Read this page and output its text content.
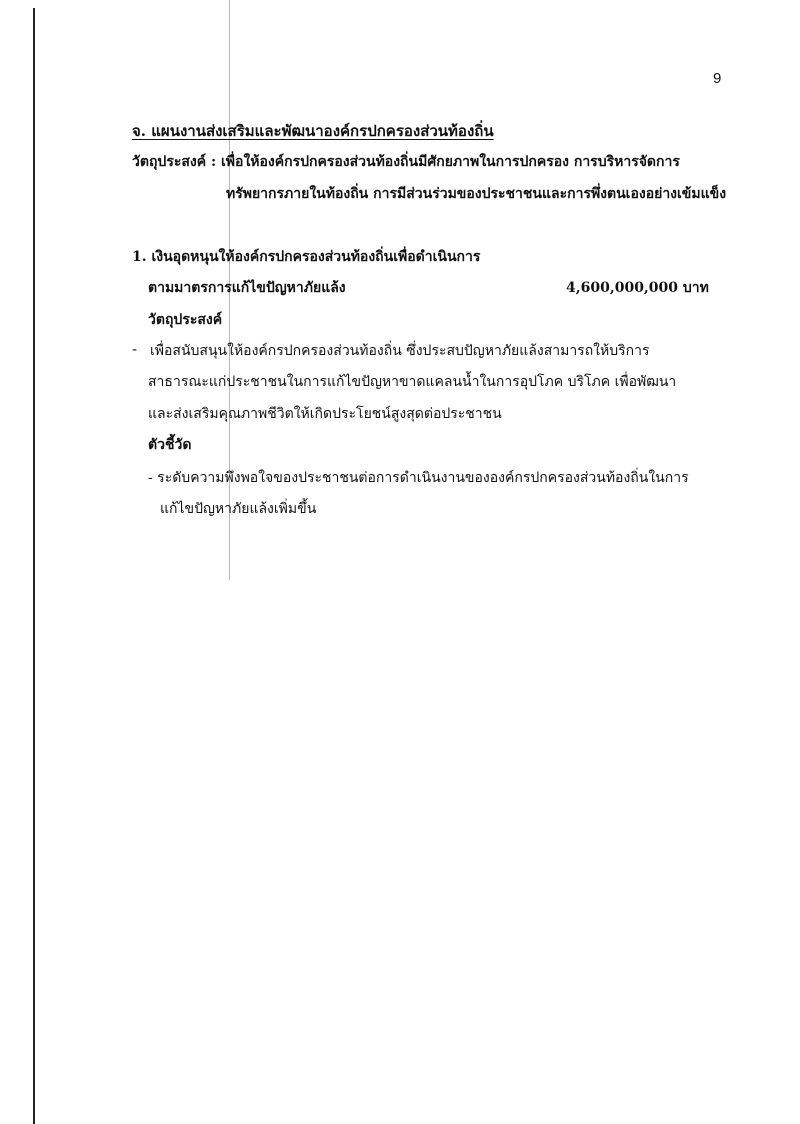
9
จ. แผนงานส่งเสริมและพัฒนาองค์กรปกครองส่วนท้องถิ่น
วัตถุประสงค์ : เพื่อให้องค์กรปกครองส่วนท้องถิ่นมีศักยภาพในการปกครอง การบริหารจัดการ
ทรัพยากรภายในท้องถิ่น การมีส่วนร่วมของประชาชนและการพึ่งตนเองอย่างเข้มแข็ง
1. เงินอุดหนุนให้องค์กรปกครองส่วนท้องถิ่นเพื่อดำเนินการ
ตามมาตรการแก้ไขปัญหาภัยแล้ง	4,600,000,000 บาท
วัตถุประสงค์
- เพื่อสนับสนุนให้องค์กรปกครองส่วนท้องถิ่น ซึ่งประสบปัญหาภัยแล้งสามารถให้บริการ
สาธารณะแก่ประชาชนในการแก้ไขปัญหาขาดแคลนน้ำในการอุปโภค บริโภค เพื่อพัฒนา
และส่งเสริมคุณภาพชีวิตให้เกิดประโยชน์สูงสุดต่อประชาชน
ตัวชี้วัด
- ระดับความพึงพอใจของประชาชนต่อการดำเนินงานขององค์กรปกครองส่วนท้องถิ่นในการ
แก้ไขปัญหาภัยแล้งเพิ่มขึ้น
